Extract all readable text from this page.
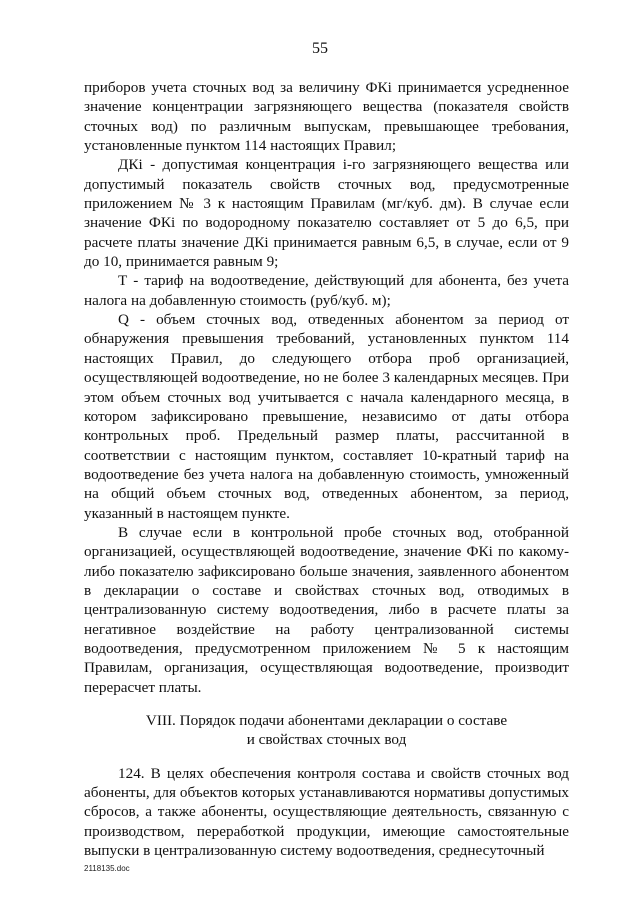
55

приборов учета сточных вод за величину ФКі принимается усредненное значение концентрации загрязняющего вещества (показателя свойств сточных вод) по различным выпускам, превышающее требования, установленные пунктом 114 настоящих Правил;

ДКі - допустимая концентрация і-го загрязняющего вещества или допустимый показатель свойств сточных вод, предусмотренные приложением № 3 к настоящим Правилам (мг/куб. дм). В случае если значение ФКі по водородному показателю составляет от 5 до 6,5, при расчете платы значение ДКі принимается равным 6,5, в случае, если от 9 до 10, принимается равным 9;

Т - тариф на водоотведение, действующий для абонента, без учета налога на добавленную стоимость (руб/куб. м);

Q - объем сточных вод, отведенных абонентом за период от обнаружения превышения требований, установленных пунктом 114 настоящих Правил, до следующего отбора проб организацией, осуществляющей водоотведение, но не более 3 календарных месяцев. При этом объем сточных вод учитывается с начала календарного месяца, в котором зафиксировано превышение, независимо от даты отбора контрольных проб. Предельный размер платы, рассчитанной в соответствии с настоящим пунктом, составляет 10-кратный тариф на водоотведение без учета налога на добавленную стоимость, умноженный на общий объем сточных вод, отведенных абонентом, за период, указанный в настоящем пункте.

В случае если в контрольной пробе сточных вод, отобранной организацией, осуществляющей водоотведение, значение ФКі по какому-либо показателю зафиксировано больше значения, заявленного абонентом в декларации о составе и свойствах сточных вод, отводимых в централизованную систему водоотведения, либо в расчете платы за негативное воздействие на работу централизованной системы водоотведения, предусмотренном приложением № 5 к настоящим Правилам, организация, осуществляющая водоотведение, производит перерасчет платы.

VIII. Порядок подачи абонентами декларации о составе
и свойствах сточных вод

124. В целях обеспечения контроля состава и свойств сточных вод абоненты, для объектов которых устанавливаются нормативы допустимых сбросов, а также абоненты, осуществляющие деятельность, связанную с производством, переработкой продукции, имеющие самостоятельные выпуски в централизованную систему водоотведения, среднесуточный

2118135.doc
